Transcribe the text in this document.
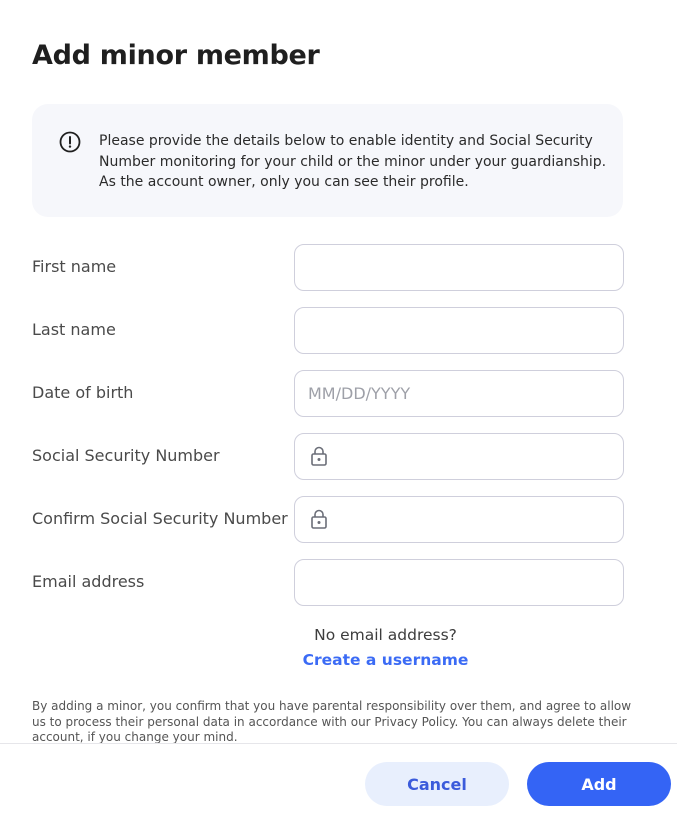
Add minor member
Please provide the details below to enable identity and Social Security Number monitoring for your child or the minor under your guardianship. As the account owner, only you can see their profile.
First name
Last name
Date of birth
MM/DD/YYYY
Social Security Number
Confirm Social Security Number
Email address
No email address?
Create a username
By adding a minor, you confirm that you have parental responsibility over them, and agree to allow us to process their personal data in accordance with our Privacy Policy. You can always delete their account, if you change your mind.
Cancel	Add
